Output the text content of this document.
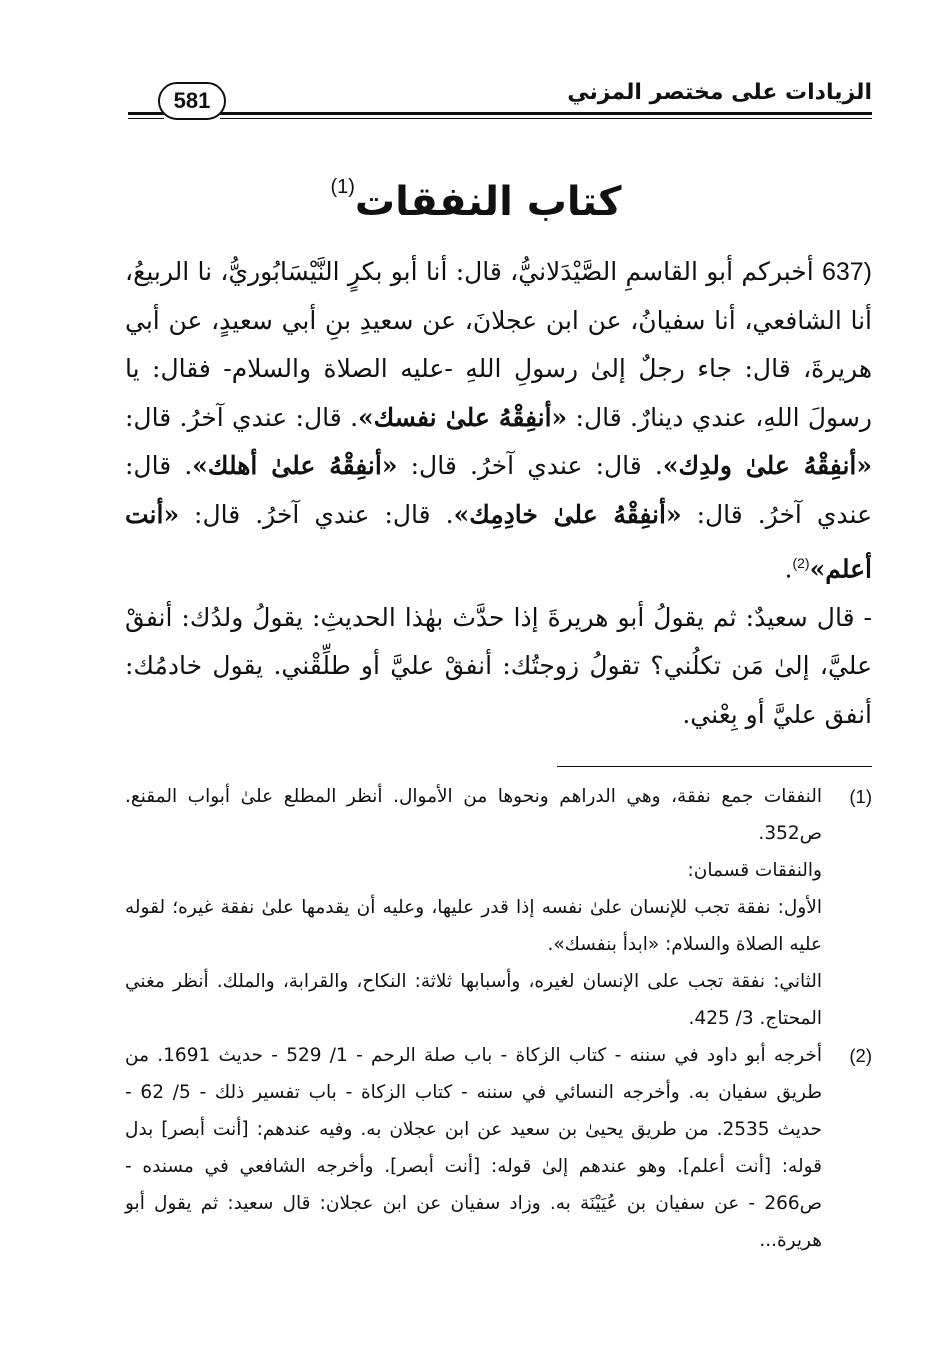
الزيادات على مختصر المزني
581
كتاب النفقات$^{(1)}$

637) أخبركم أبو القاسمِ الصَّيْدَلانيُّ، قال: أنا أبو بكرٍ النَّيْسَابُوريُّ، نا الربيعُ، أنا الشافعي، أنا سفيانُ، عن ابن عجلانَ، عن سعيدِ بنِ أبي سعيدٍ، عن أبي هريرةَ، قال: جاء رجلٌ إلىٰ رسولِ اللهِ -عليه الصلاة والسلام- فقال: يا رسولَ اللهِ، عندي دينارٌ. قال: «أنفِقْهُ علىٰ نفسك». قال: عندي آخرُ. قال: «أنفِقْهُ علىٰ ولدِك». قال: عندي آخرُ. قال: «أنفِقْهُ علىٰ أهلك». قال: عندي آخرُ. قال: «أنفِقْهُ علىٰ خادِمِك». قال: عندي آخرُ. قال: «أنت أعلم»$^{(2)}$.

- قال سعيدٌ: ثم يقولُ أبو هريرةَ إذا حدَّث بهٰذا الحديثِ: يقولُ ولدُك: أنفقْ عليَّ، إلىٰ مَن تكلُني؟ تقولُ زوجتُك: أنفقْ عليَّ أو طلِّقْني. يقول خادمُك: أنفق عليَّ أو بِعْني.

(1)

النفقات جمع نفقة، وهي الدراهم ونحوها من الأموال. أنظر المطلع علىٰ أبواب المقنع. ص352.

والنفقات قسمان:

الأول: نفقة تجب للإنسان علىٰ نفسه إذا قدر عليها، وعليه أن يقدمها علىٰ نفقة غيره؛ لقوله عليه الصلاة والسلام: «ابدأ بنفسك».

الثاني: نفقة تجب على الإنسان لغيره، وأسبابها ثلاثة: النكاح، والقرابة، والملك. أنظر مغني المحتاج. 3/ 425.

(2)

أخرجه أبو داود في سننه - كتاب الزكاة - باب صلة الرحم - 1/ 529 - حديث 1691. من طريق سفيان به. وأخرجه النسائي في سننه - كتاب الزكاة - باب تفسير ذلك - 5/ 62 - حديث 2535. من طريق يحيىٰ بن سعيد عن ابن عجلان به. وفيه عندهم: [أنت أبصر] بدل قوله: [أنت أعلم]. وهو عندهم إلىٰ قوله: [أنت أبصر]. وأخرجه الشافعي في مسنده - ص266 - عن سفيان بن عُيَيْنَة به. وزاد سفيان عن ابن عجلان: قال سعيد: ثم يقول أبو هريرة...
